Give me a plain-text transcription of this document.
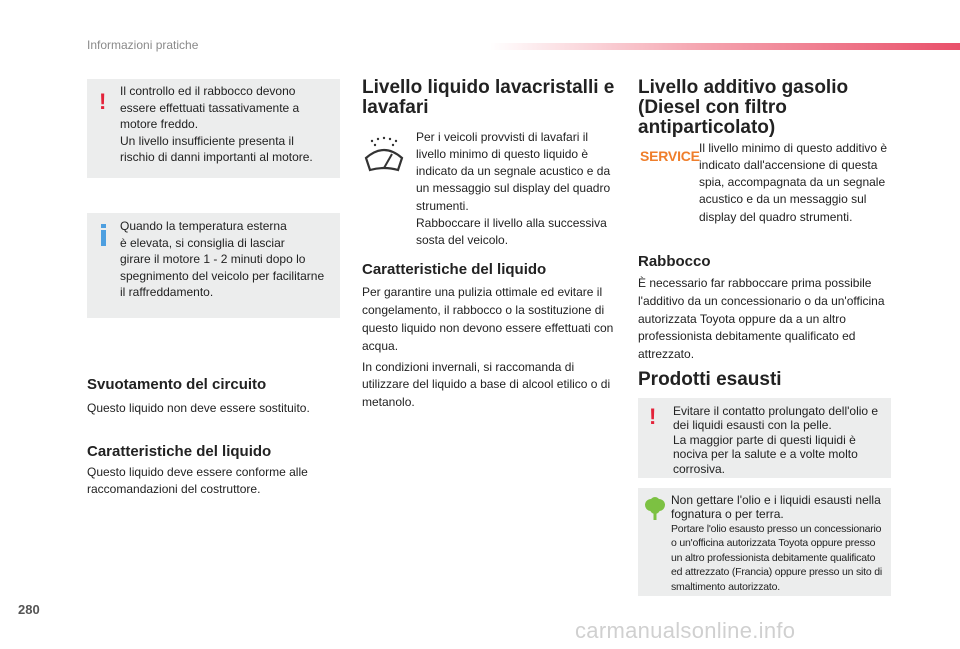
Informazioni pratiche
! Il controllo ed il rabbocco devono
essere effettuati tassativamente a
motore freddo.
Un livello insufficiente presenta il
rischio di danni importanti al motore.
Quando la temperatura esterna
è elevata, si consiglia di lasciar
girare il motore 1 - 2 minuti dopo lo
spegnimento del veicolo per facilitarne
il raffreddamento.
Svuotamento del circuito
Questo liquido non deve essere sostituito.
Caratteristiche del liquido
Questo liquido deve essere conforme alle
raccomandazioni del costruttore.
Livello liquido lavacristalli e
lavafari
Per i veicoli provvisti di lavafari il
livello minimo di questo liquido è
indicato da un segnale acustico e da
un messaggio sul display del quadro
strumenti.
Rabboccare il livello alla successiva
sosta del veicolo.
Caratteristiche del liquido
Per garantire una pulizia ottimale ed evitare il
congelamento, il rabbocco o la sostituzione di
questo liquido non devono essere effettuati con
acqua.
In condizioni invernali, si raccomanda di
utilizzare del liquido a base di alcool etilico o di
metanolo.
Livello additivo gasolio
(Diesel con filtro
antiparticolato)
SERVICE Il livello minimo di questo additivo è
indicato dall'accensione di questa
spia, accompagnata da un segnale
acustico e da un messaggio sul
display del quadro strumenti.
Rabbocco
È necessario far rabboccare prima possibile
l'additivo da un concessionario o da un'officina
autorizzata Toyota oppure da a un altro
professionista debitamente qualificato ed
attrezzato.
Prodotti esausti
! Evitare il contatto prolungato dell'olio e
dei liquidi esausti con la pelle.
La maggior parte di questi liquidi è
nociva per la salute e a volte molto
corrosiva.
Non gettare l'olio e i liquidi esausti nella
fognatura o per terra.
Portare l'olio esausto presso un concessionario
o un'officina autorizzata Toyota oppure presso
un altro professionista debitamente qualificato
ed attrezzato (Francia) oppure presso un sito di
smaltimento autorizzato.
280
carmanualsonline.info
